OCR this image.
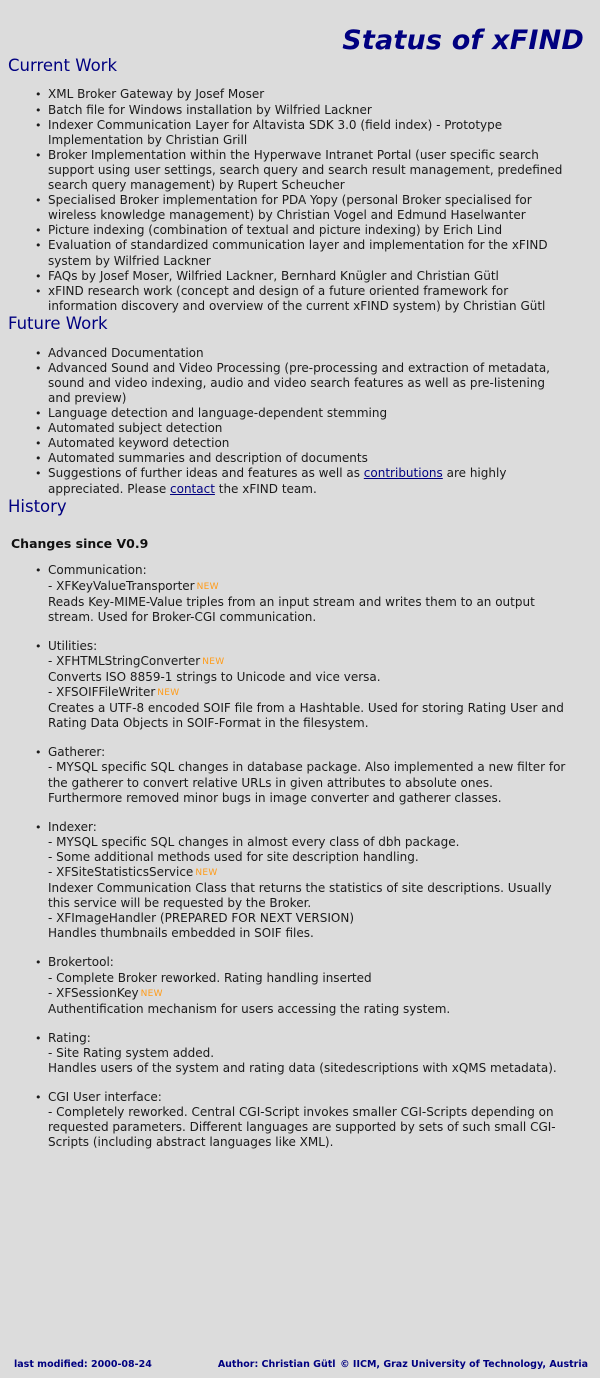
Status of xFIND
Current Work
• XML Broker Gateway by Josef Moser
• Batch file for Windows installation by Wilfried Lackner
• Indexer Communication Layer for Altavista SDK 3.0 (field index) - Prototype Implementation by Christian Grill
• Broker Implementation within the Hyperwave Intranet Portal (user specific search support using user settings, search query and search result management, predefined search query management) by Rupert Scheucher
• Specialised Broker implementation for PDA Yopy (personal Broker specialised for wireless knowledge management) by Christian Vogel and Edmund Haselwanter
• Picture indexing (combination of textual and picture indexing) by Erich Lind
• Evaluation of standardized communication layer and implementation for the xFIND system by Wilfried Lackner
• FAQs by Josef Moser, Wilfried Lackner, Bernhard Knügler and Christian Gütl
• xFIND research work (concept and design of a future oriented framework for information discovery and overview of the current xFIND system) by Christian Gütl
Future Work
• Advanced Documentation
• Advanced Sound and Video Processing (pre-processing and extraction of metadata, sound and video indexing, audio and video search features as well as pre-listening and preview)
• Language detection and language-dependent stemming
• Automated subject detection
• Automated keyword detection
• Automated summaries and description of documents
• Suggestions of further ideas and features as well as contributions are highly appreciated. Please contact the xFIND team.
History
Changes since V0.9
• Communication:
- XFKeyValueTransporter NEW
Reads Key-MIME-Value triples from an input stream and writes them to an output stream. Used for Broker-CGI communication.
• Utilities:
- XFHTMLStringConverter NEW
Converts ISO 8859-1 strings to Unicode and vice versa.
- XFSOIFFileWriter NEW
Creates a UTF-8 encoded SOIF file from a Hashtable. Used for storing Rating User and Rating Data Objects in SOIF-Format in the filesystem.
• Gatherer:
- MYSQL specific SQL changes in database package. Also implemented a new filter for the gatherer to convert relative URLs in given attributes to absolute ones. Furthermore removed minor bugs in image converter and gatherer classes.
• Indexer:
- MYSQL specific SQL changes in almost every class of dbh package.
- Some additional methods used for site description handling.
- XFSiteStatisticsService NEW
Indexer Communication Class that returns the statistics of site descriptions. Usually this service will be requested by the Broker.
- XFImageHandler (PREPARED FOR NEXT VERSION)
Handles thumbnails embedded in SOIF files.
• Brokertool:
- Complete Broker reworked. Rating handling inserted
- XFSessionKey NEW
Authentification mechanism for users accessing the rating system.
• Rating:
- Site Rating system added.
Handles users of the system and rating data (sitedescriptions with xQMS metadata).
• CGI User interface:
- Completely reworked. Central CGI-Script invokes smaller CGI-Scripts depending on requested parameters. Different languages are supported by sets of such small CGI-Scripts (including abstract languages like XML).
last modified: 2000-08-24	Author: Christian Gütl © IICM, Graz University of Technology, Austria
